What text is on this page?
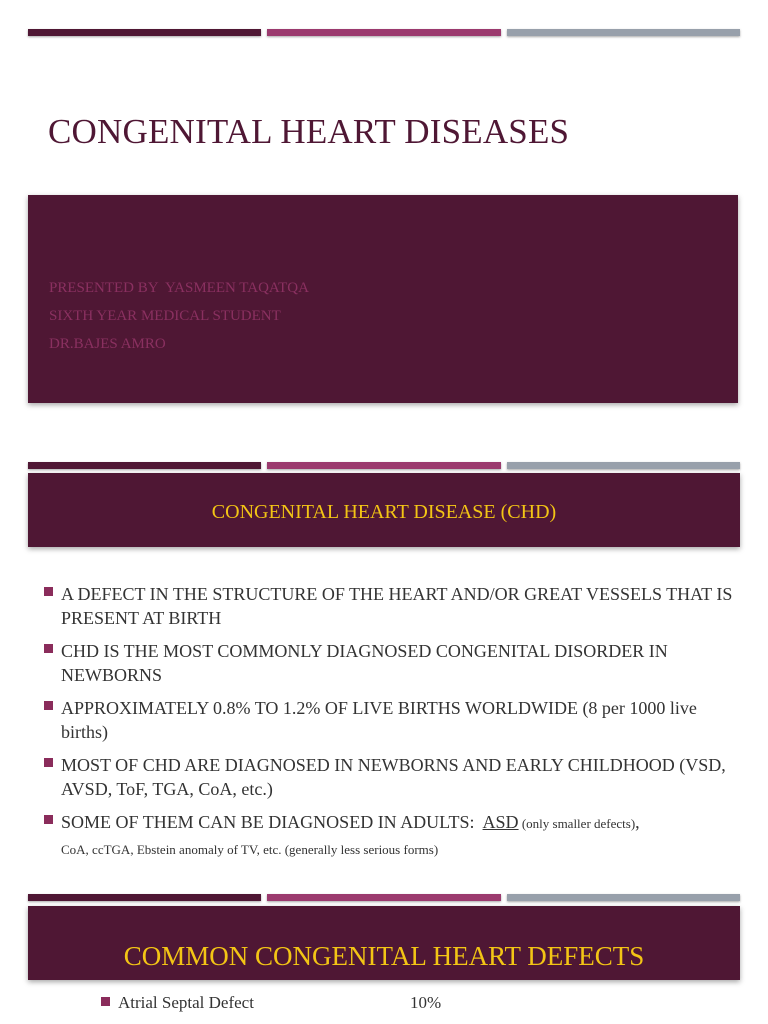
CONGENITAL HEART DISEASES
PRESENTED BY  YASMEEN TAQATQA
SIXTH YEAR MEDICAL STUDENT
DR.BAJES AMRO
CONGENITAL HEART DISEASE (CHD)
A DEFECT IN THE STRUCTURE OF THE HEART AND/OR GREAT VESSELS THAT IS PRESENT AT BIRTH
CHD IS THE MOST COMMONLY DIAGNOSED CONGENITAL DISORDER IN NEWBORNS
APPROXIMATELY 0.8% TO 1.2% OF LIVE BIRTHS WORLDWIDE (8 per 1000 live births)
MOST OF CHD ARE DIAGNOSED IN NEWBORNS AND EARLY CHILDHOOD (VSD, AVSD, ToF, TGA, CoA, etc.)
SOME OF THEM CAN BE DIAGNOSED IN ADULTS:  ASD (only smaller defects),
CoA, ccTGA, Ebstein anomaly of TV, etc. (generally less serious forms)
COMMON CONGENITAL HEART DEFECTS
Atrial Septal Defect	10%
